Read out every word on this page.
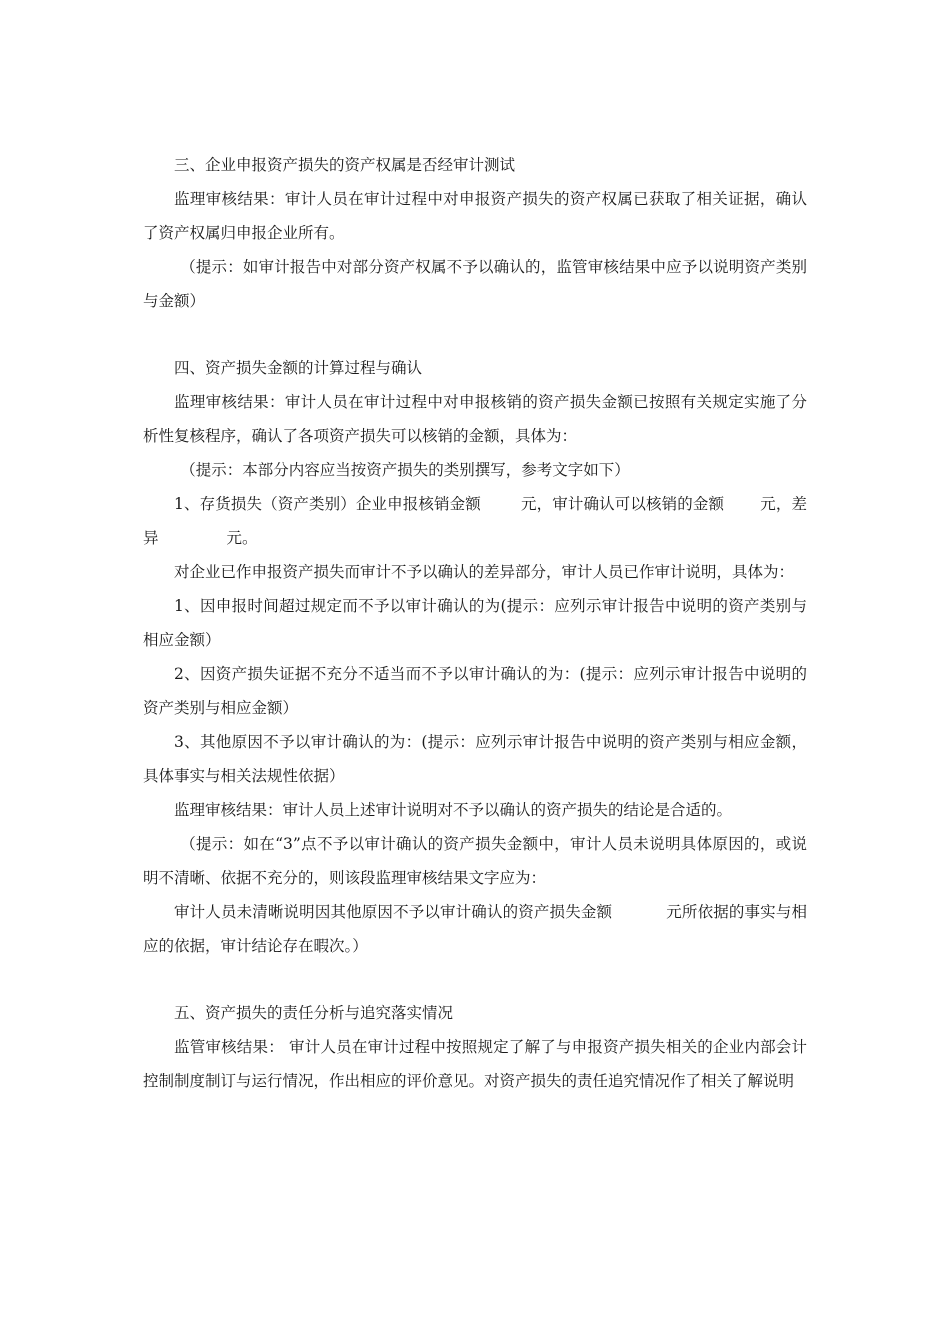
三、企业申报资产损失的资产权属是否经审计测试

监理审核结果：审计人员在审计过程中对申报资产损失的资产权属已获取了相关证据，确认了资产权属归申报企业所有。

（提示：如审计报告中对部分资产权属不予以确认的，监管审核结果中应予以说明资产类别与金额）

四、资产损失金额的计算过程与确认

监理审核结果：审计人员在审计过程中对申报核销的资产损失金额已按照有关规定实施了分析性复核程序，确认了各项资产损失可以核销的金额，具体为：

（提示：本部分内容应当按资产损失的类别撰写，参考文字如下）

1、存货损失（资产类别）企业申报核销金额	元，审计确认可以核销的金额 元，差异	元。

对企业已作申报资产损失而审计不予以确认的差异部分，审计人员已作审计说明，具体为：

1、因申报时间超过规定而不予以审计确认的为(提示：应列示审计报告中说明的资产类别与相应金额）

2、因资产损失证据不充分不适当而不予以审计确认的为：(提示：应列示审计报告中说明的资产类别与相应金额）

3、其他原因不予以审计确认的为：(提示：应列示审计报告中说明的资产类别与相应金额，具体事实与相关法规性依据）

监理审核结果：审计人员上述审计说明对不予以确认的资产损失的结论是合适的。

（提示：如在“3”点不予以审计确认的资产损失金额中，审计人员未说明具体原因的，或说明不清晰、依据不充分的，则该段监理审核结果文字应为：

审计人员未清晰说明因其他原因不予以审计确认的资产损失金额	元所依据的事实与相应的依据，审计结论存在暇次。）

五、资产损失的责任分析与追究落实情况

监管审核结果： 审计人员在审计过程中按照规定了解了与申报资产损失相关的企业内部会计控制制度制订与运行情况，作出相应的评价意见。对资产损失的责任追究情况作了相关了解说明
